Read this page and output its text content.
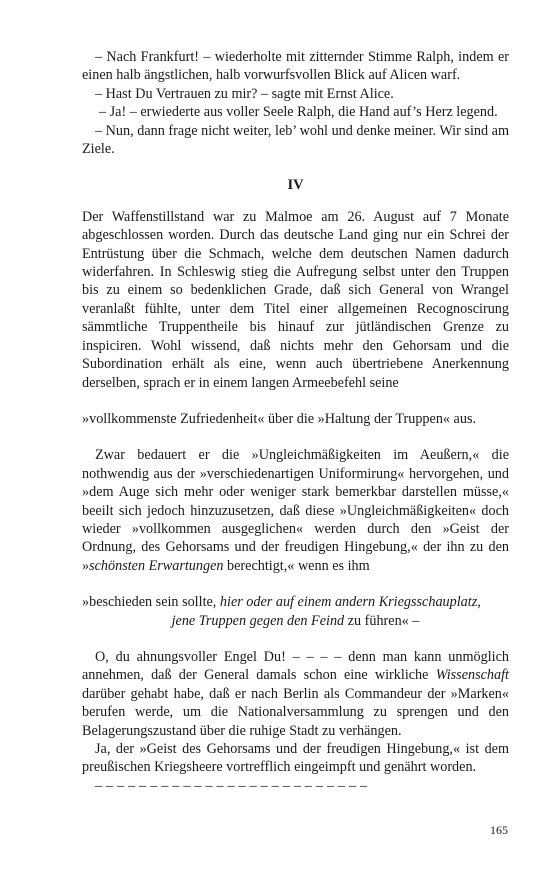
– Nach Frankfurt! – wiederholte mit zitternder Stimme Ralph, indem er einen halb ängstlichen, halb vorwurfsvollen Blick auf Alicen warf.

– Hast Du Vertrauen zu mir? – sagte mit Ernst Alice.

– Ja! – erwiederte aus voller Seele Ralph, die Hand auf’s Herz legend.

– Nun, dann frage nicht weiter, leb’ wohl und denke meiner. Wir sind am Ziele.

IV

Der Waffenstillstand war zu Malmoe am 26. August auf 7 Monate abgeschlossen worden. Durch das deutsche Land ging nur ein Schrei der Entrüstung über die Schmach, welche dem deutschen Namen dadurch widerfahren. In Schleswig stieg die Aufregung selbst unter den Truppen bis zu einem so bedenklichen Grade, daß sich General von Wrangel veranlaßt fühlte, unter dem Titel einer allgemeinen Recognoscirung sämmtliche Truppentheile bis hinauf zur jütländischen Grenze zu inspiciren. Wohl wissend, daß nichts mehr den Gehorsam und die Subordination erhält als eine, wenn auch übertriebene Anerkennung derselben, sprach er in einem langen Armeebefehl seine

»vollkommenste Zufriedenheit« über die »Haltung der Truppen« aus.

Zwar bedauert er die »Ungleichmäßigkeiten im Aeußern,« die nothwendig aus der »verschiedenartigen Uniformirung« hervorgehen, und »dem Auge sich mehr oder weniger stark bemerkbar darstellen müsse,« beeilt sich jedoch hinzuzusetzen, daß diese »Ungleichmäßigkeiten« doch wieder »vollkommen ausgeglichen« werden durch den »Geist der Ordnung, des Gehorsams und der freudigen Hingebung,« der ihn zu den »schönsten Erwartungen berechtigt,« wenn es ihm

»beschieden sein sollte, hier oder auf einem andern Kriegsschauplatz,

jene Truppen gegen den Feind zu führen« –

O, du ahnungsvoller Engel Du! – – – – denn man kann unmöglich annehmen, daß der General damals schon eine wirkliche Wissenschaft darüber gehabt habe, daß er nach Berlin als Commandeur der »Marken« berufen werde, um die Nationalversammlung zu sprengen und den Belagerungszustand über die ruhige Stadt zu verhängen.

Ja, der »Geist des Gehorsams und der freudigen Hingebung,« ist dem preußischen Kriegsheere vortrefflich eingeimpft und genährt worden.

– – – – – – – – – – – – – – – – – – – – – – – – –

165
